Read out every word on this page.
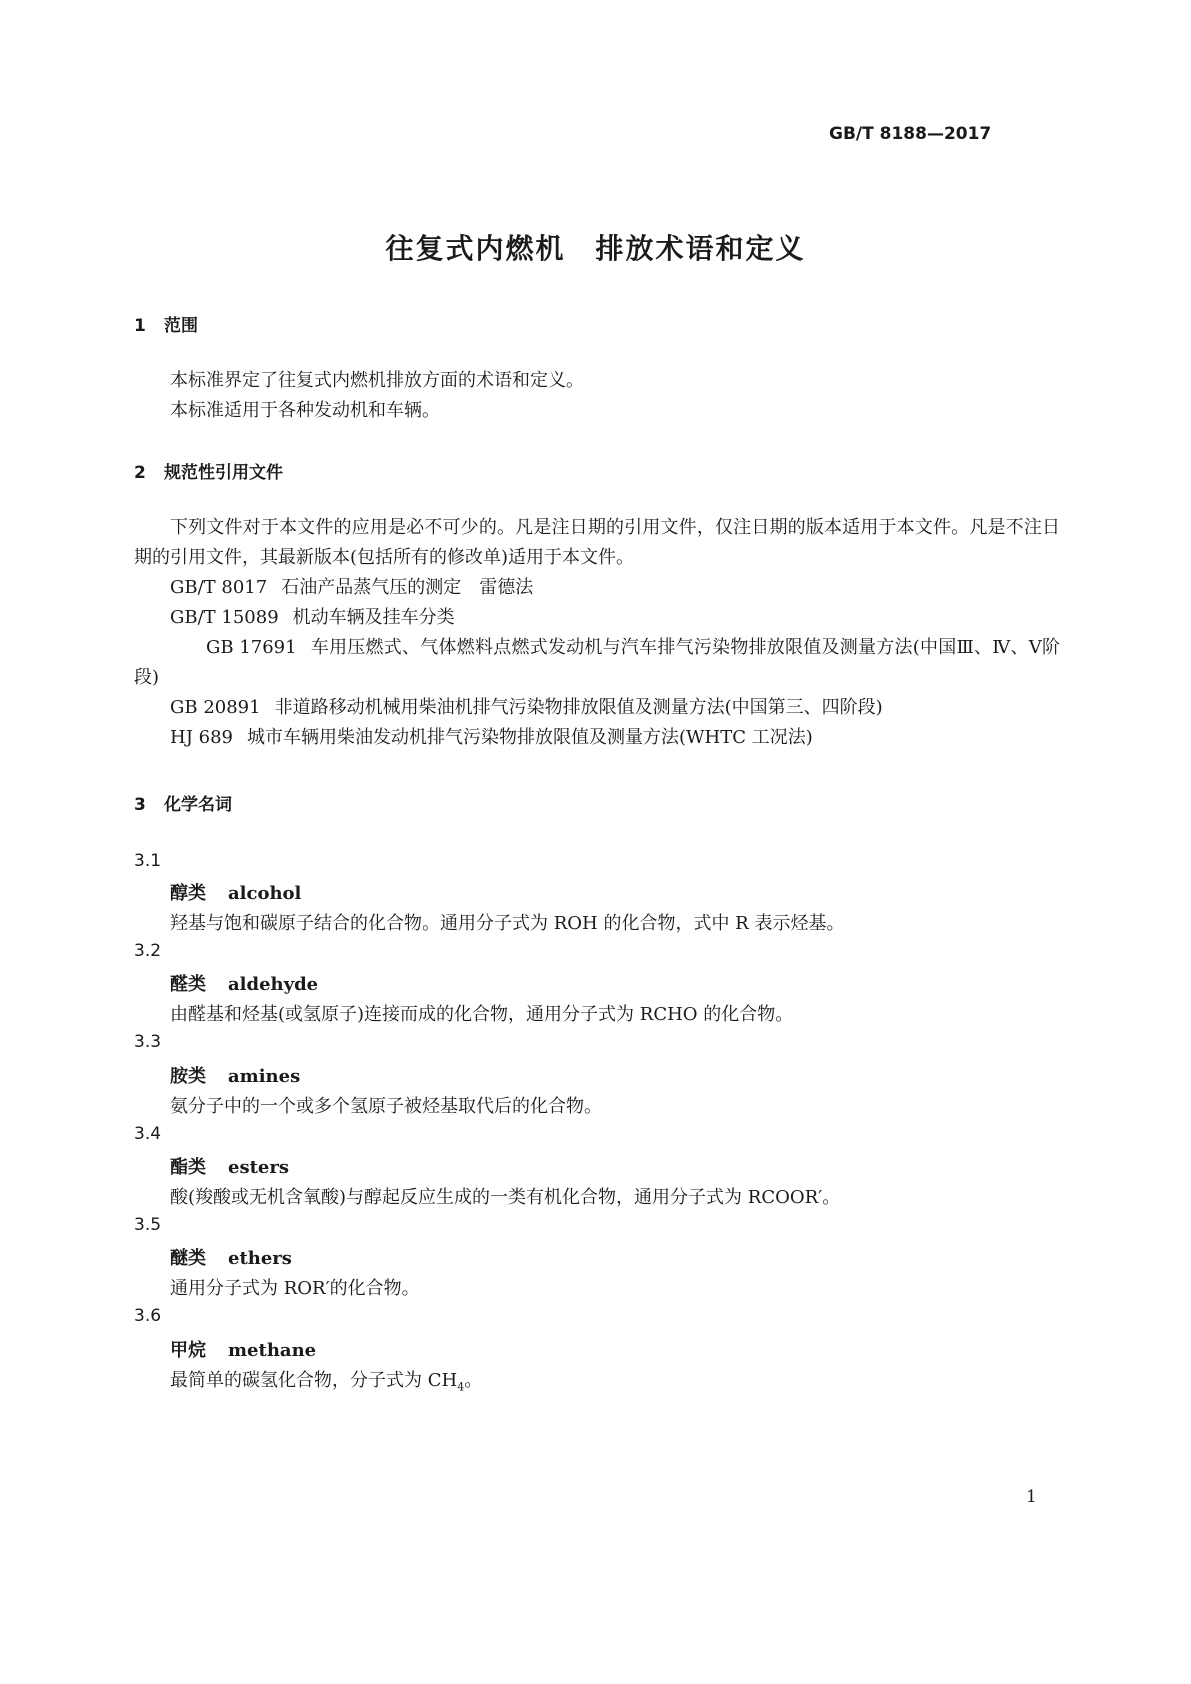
GB/T 8188—2017
往复式内燃机　排放术语和定义
1 范围
本标准界定了往复式内燃机排放方面的术语和定义。
本标准适用于各种发动机和车辆。
2 规范性引用文件
下列文件对于本文件的应用是必不可少的。凡是注日期的引用文件，仅注日期的版本适用于本文件。凡是不注日期的引用文件，其最新版本(包括所有的修改单)适用于本文件。
GB/T 8017 石油产品蒸气压的测定　雷德法
GB/T 15089 机动车辆及挂车分类
GB 17691 车用压燃式、气体燃料点燃式发动机与汽车排气污染物排放限值及测量方法(中国Ⅲ、Ⅳ、Ⅴ阶段)
GB 20891 非道路移动机械用柴油机排气污染物排放限值及测量方法(中国第三、四阶段)
HJ 689 城市车辆用柴油发动机排气污染物排放限值及测量方法(WHTC 工况法)
3 化学名词
3.1
醇类 alcohol
羟基与饱和碳原子结合的化合物。通用分子式为 ROH 的化合物，式中 R 表示烃基。
3.2
醛类 aldehyde
由醛基和烃基(或氢原子)连接而成的化合物，通用分子式为 RCHO 的化合物。
3.3
胺类 amines
氨分子中的一个或多个氢原子被烃基取代后的化合物。
3.4
酯类 esters
酸(羧酸或无机含氧酸)与醇起反应生成的一类有机化合物，通用分子式为 RCOOR′。
3.5
醚类 ethers
通用分子式为 ROR′的化合物。
3.6
甲烷 methane
最简单的碳氢化合物，分子式为 $CH_4$。
1
